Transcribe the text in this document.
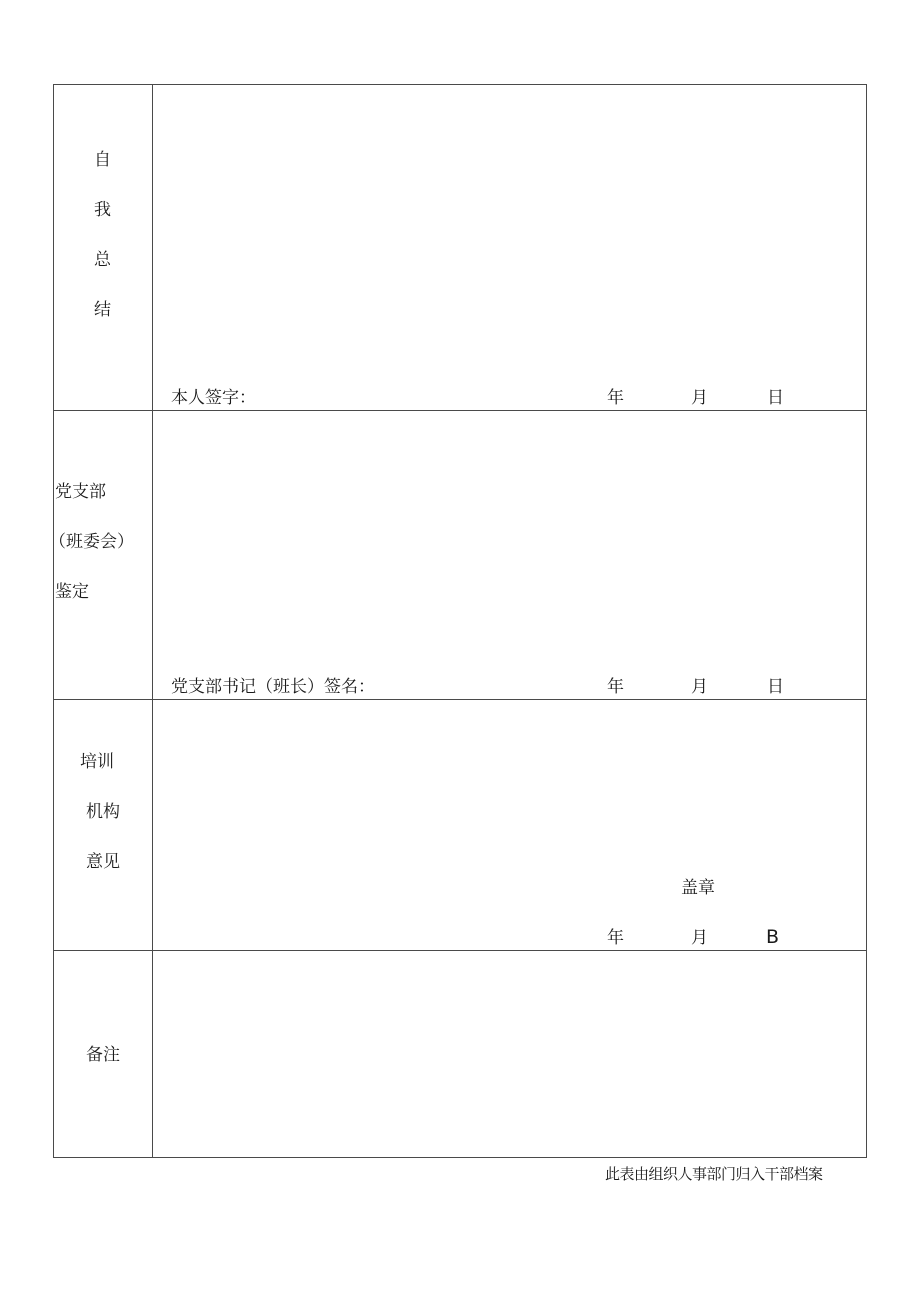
自
我
总
结
本人签字：	年	月	日
党支部
（班委会）
鉴定
党支部书记（班长）签名：	年	月	日
培训
机构
意见
盖章
年	月	B
备注
此表由组织人事部门归入干部档案
